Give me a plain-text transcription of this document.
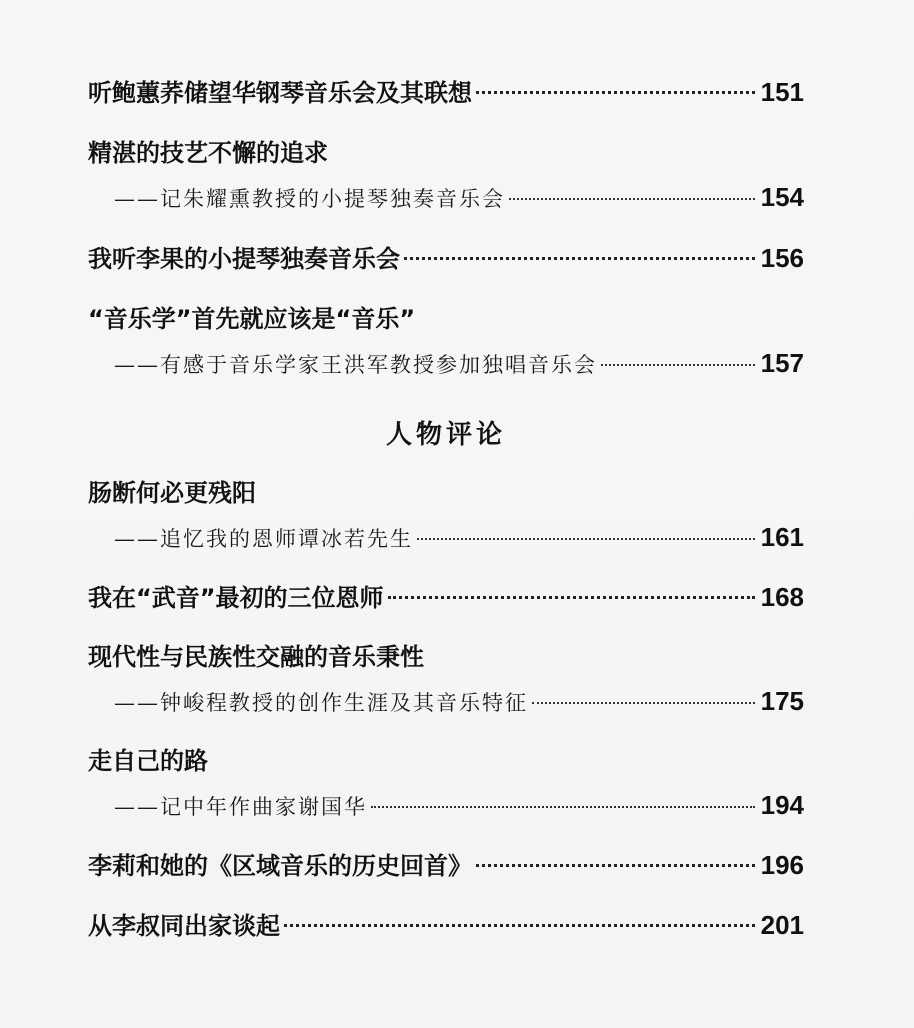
听鲍蕙荞储望华钢琴音乐会及其联想	151
精湛的技艺不懈的追求
——记朱耀熏教授的小提琴独奏音乐会	154
我听李果的小提琴独奏音乐会	156
“音乐学”首先就应该是“音乐”
——有感于音乐学家王洪军教授参加独唱音乐会	157
人物评论
肠断何必更残阳
——追忆我的恩师谭冰若先生	161
我在“武音”最初的三位恩师	168
现代性与民族性交融的音乐秉性
——钟峻程教授的创作生涯及其音乐特征	175
走自己的路
——记中年作曲家谢国华	194
李莉和她的《区域音乐的历史回首》	196
从李叔同出家谈起	201
